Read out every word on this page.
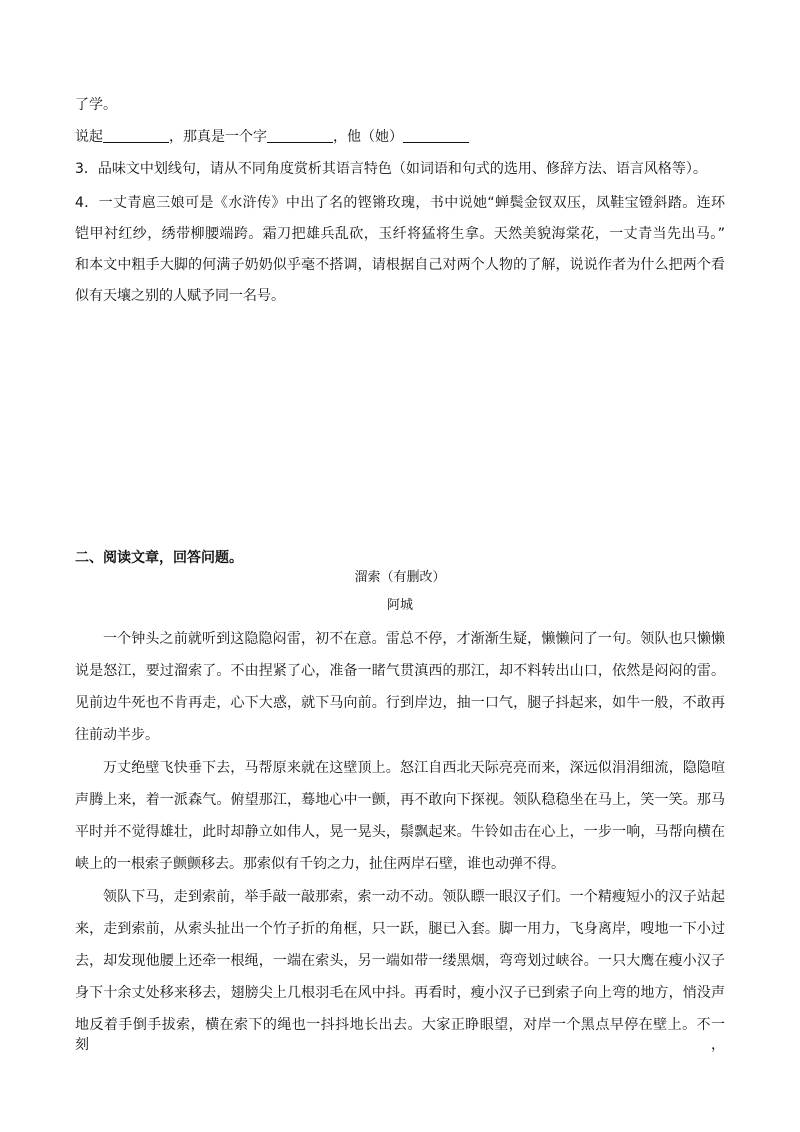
了学。
说起	，那真是一个字	，他（她）
3．品味文中划线句，请从不同角度赏析其语言特色（如词语和句式的选用、修辞方法、语言风格等）。
4．一丈青扈三娘可是《水浒传》中出了名的铿锵玫瑰，书中说她“蝉鬓金钗双压，凤鞋宝镫斜踏。连环
铠甲衬红纱，绣带柳腰端跨。霜刀把雄兵乱砍，玉纤将猛将生拿。天然美貌海棠花，一丈青当先出马。”
和本文中粗手大脚的何满子奶奶似乎毫不搭调，请根据自己对两个人物的了解，说说作者为什么把两个看
似有天壤之别的人赋予同一名号。
二、阅读文章，回答问题。
溜索（有删改）
阿城
一个钟头之前就听到这隐隐闷雷，初不在意。雷总不停，才渐渐生疑，懒懒问了一句。领队也只懒懒
说是怒江，要过溜索了。不由捏紧了心，准备一睹气贯滇西的那江，却不料转出山口，依然是闷闷的雷。
见前边牛死也不肯再走，心下大惑，就下马向前。行到岸边，抽一口气，腿子抖起来，如牛一般，不敢再
往前动半步。
万丈绝壁飞快垂下去，马帮原来就在这壁顶上。怒江自西北天际亮亮而来，深远似涓涓细流，隐隐喧
声腾上来，着一派森气。俯望那江，蓦地心中一颤，再不敢向下探视。领队稳稳坐在马上，笑一笑。那马
平时并不觉得雄壮，此时却静立如伟人，晃一晃头，鬃飘起来。牛铃如击在心上，一步一响，马帮向横在
峡上的一根索子颤颤移去。那索似有千钧之力，扯住两岸石壁，谁也动弹不得。
领队下马，走到索前，举手敲一敲那索，索一动不动。领队瞟一眼汉子们。一个精瘦短小的汉子站起
来，走到索前，从索头扯出一个竹子折的角框，只一跃，腿已入套。脚一用力，飞身离岸，嗖地一下小过
去，却发现他腰上还牵一根绳，一端在索头，另一端如带一缕黑烟，弯弯划过峡谷。一只大鹰在瘦小汉子
身下十余丈处移来移去，翅膀尖上几根羽毛在风中抖。再看时，瘦小汉子已到索子向上弯的地方，悄没声
地反着手倒手拔索，横在索下的绳也一抖抖地长出去。大家正睁眼望，对岸一个黑点早停在壁上。不一刻，
